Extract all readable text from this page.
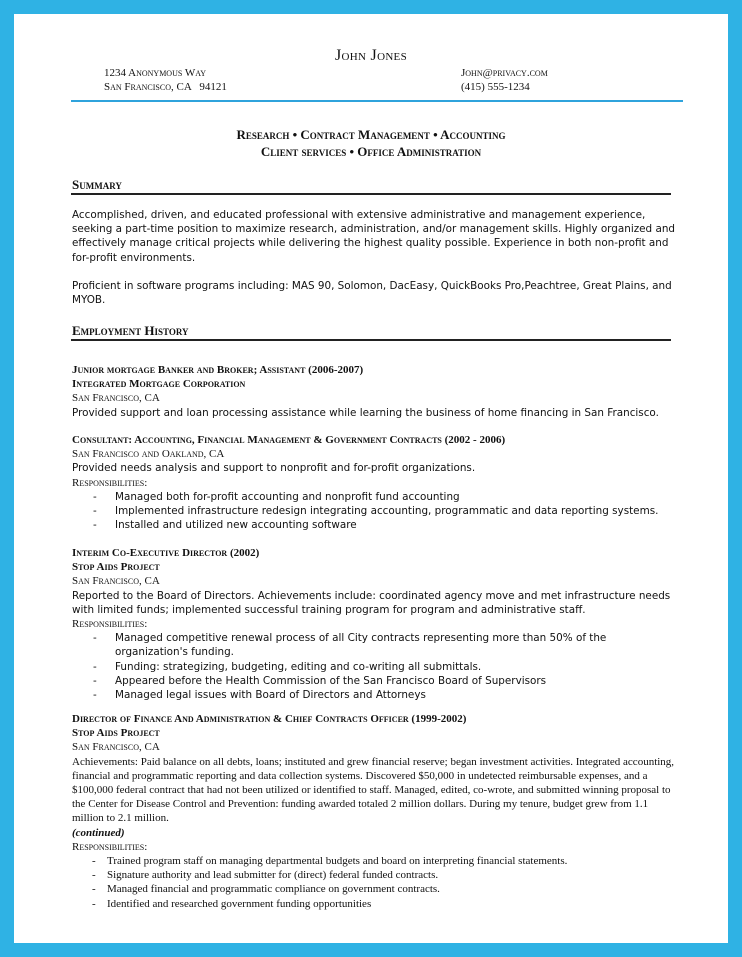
John Jones
1234 Anonymous Way
San Francisco, CA   94121
John@privacy.com
(415) 555-1234
Research • Contract Management • Accounting
Client services • Office Administration
Summary
Accomplished, driven, and educated professional with extensive administrative and management experience, seeking a part-time position to maximize research, administration, and/or management skills. Highly organized and effectively manage critical projects while delivering the highest quality possible. Experience in both non-profit and for-profit environments.
Proficient in software programs including: MAS 90, Solomon, DacEasy, QuickBooks Pro,Peachtree, Great Plains, and MYOB.
Employment History
Junior mortgage Banker and Broker; Assistant (2006-2007)
Integrated Mortgage Corporation
San Francisco, CA
Provided support and loan processing assistance while learning the business of home financing in San Francisco.
Consultant: Accounting, Financial Management & Government Contracts (2002 - 2006)
San Francisco and Oakland, CA
Provided needs analysis and support to nonprofit and for-profit organizations.
Responsibilities:
- Managed both for-profit accounting and nonprofit fund accounting
- Implemented infrastructure redesign integrating accounting, programmatic and data reporting systems.
- Installed and utilized new accounting software
Interim Co-Executive Director (2002)
Stop Aids Project
San Francisco, CA
Reported to the Board of Directors. Achievements include: coordinated agency move and met infrastructure needs with limited funds; implemented successful training program for program and administrative staff.
Responsibilities:
- Managed competitive renewal process of all City contracts representing more than 50% of the organization's funding.
- Funding: strategizing, budgeting, editing and co-writing all submittals.
- Appeared before the Health Commission of the San Francisco Board of Supervisors
- Managed legal issues with Board of Directors and Attorneys
Director of Finance And Administration & Chief Contracts Officer (1999-2002)
Stop Aids Project
San Francisco, CA
Achievements: Paid balance on all debts, loans; instituted and grew financial reserve; began investment activities. Integrated accounting, financial and programmatic reporting and data collection systems. Discovered $50,000 in undetected reimbursable expenses, and a $100,000 federal contract that had not been utilized or identified to staff. Managed, edited, co-wrote, and submitted winning proposal to the Center for Disease Control and Prevention: funding awarded totaled 2 million dollars. During my tenure, budget grew from 1.1 million to 2.1 million.
(continued)
Responsibilities:
- Trained program staff on managing departmental budgets and board on interpreting financial statements.
- Signature authority and lead submitter for (direct) federal funded contracts.
- Managed financial and programmatic compliance on government contracts.
- Identified and researched government funding opportunities
